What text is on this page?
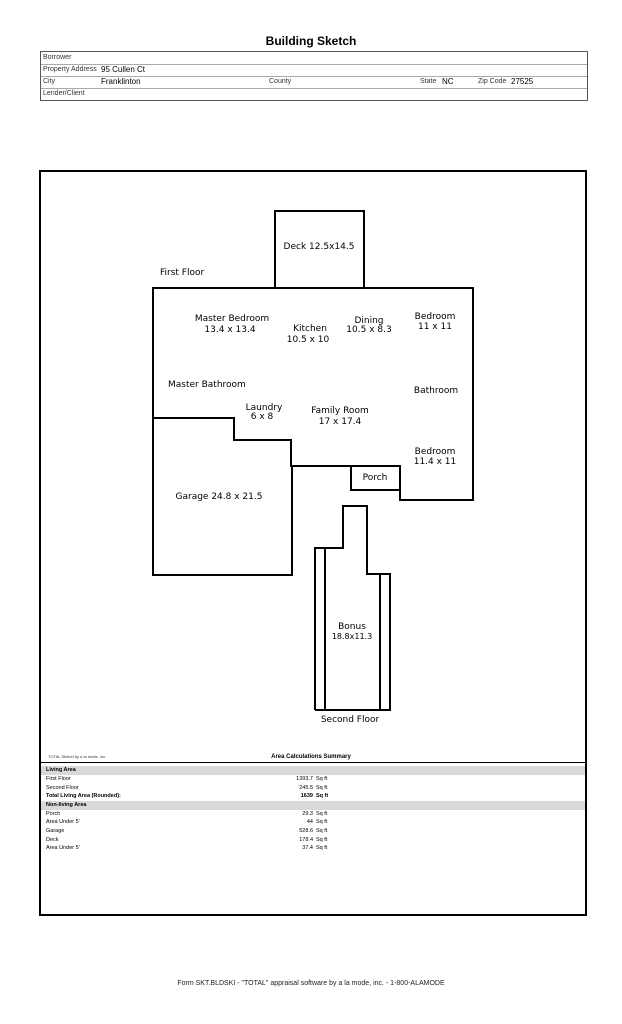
Building Sketch
Borrower
Property Address 95 Cullen Ct
City	Franklinton	County	State NC	Zip Code 27525
Lender/Client
Deck 12.5x14.5
First Floor
Master Bedroom
13.4 x 13.4	Kitchen
10.5 x 10
Dining
10.5 x 8.3
Bedroom
11 x 11
Master Bathroom
Bathroom
Laundry
6 x 8
Family Room
17 x 17.4
Bedroom
11.4 x 11
Porch
Garage 24.8 x 21.5
Bonus
18.8x11.3
Second Floor
TOTAL Sketch by a la mode, inc.	Area Calculations Summary
Living Area
First Floor	1393.7 Sq ft
Second Floor	245.5 Sq ft
Total Living Area (Rounded):	1639 Sq ft
Non-living Area
Porch	29.3 Sq ft
Area Under 5'	44 Sq ft
Garage	528.6 Sq ft
Deck	178.4 Sq ft
Area Under 5'	37.4 Sq ft
Form SKT.BLDSKI - "TOTAL" appraisal software by a la mode, inc. - 1-800-ALAMODE
